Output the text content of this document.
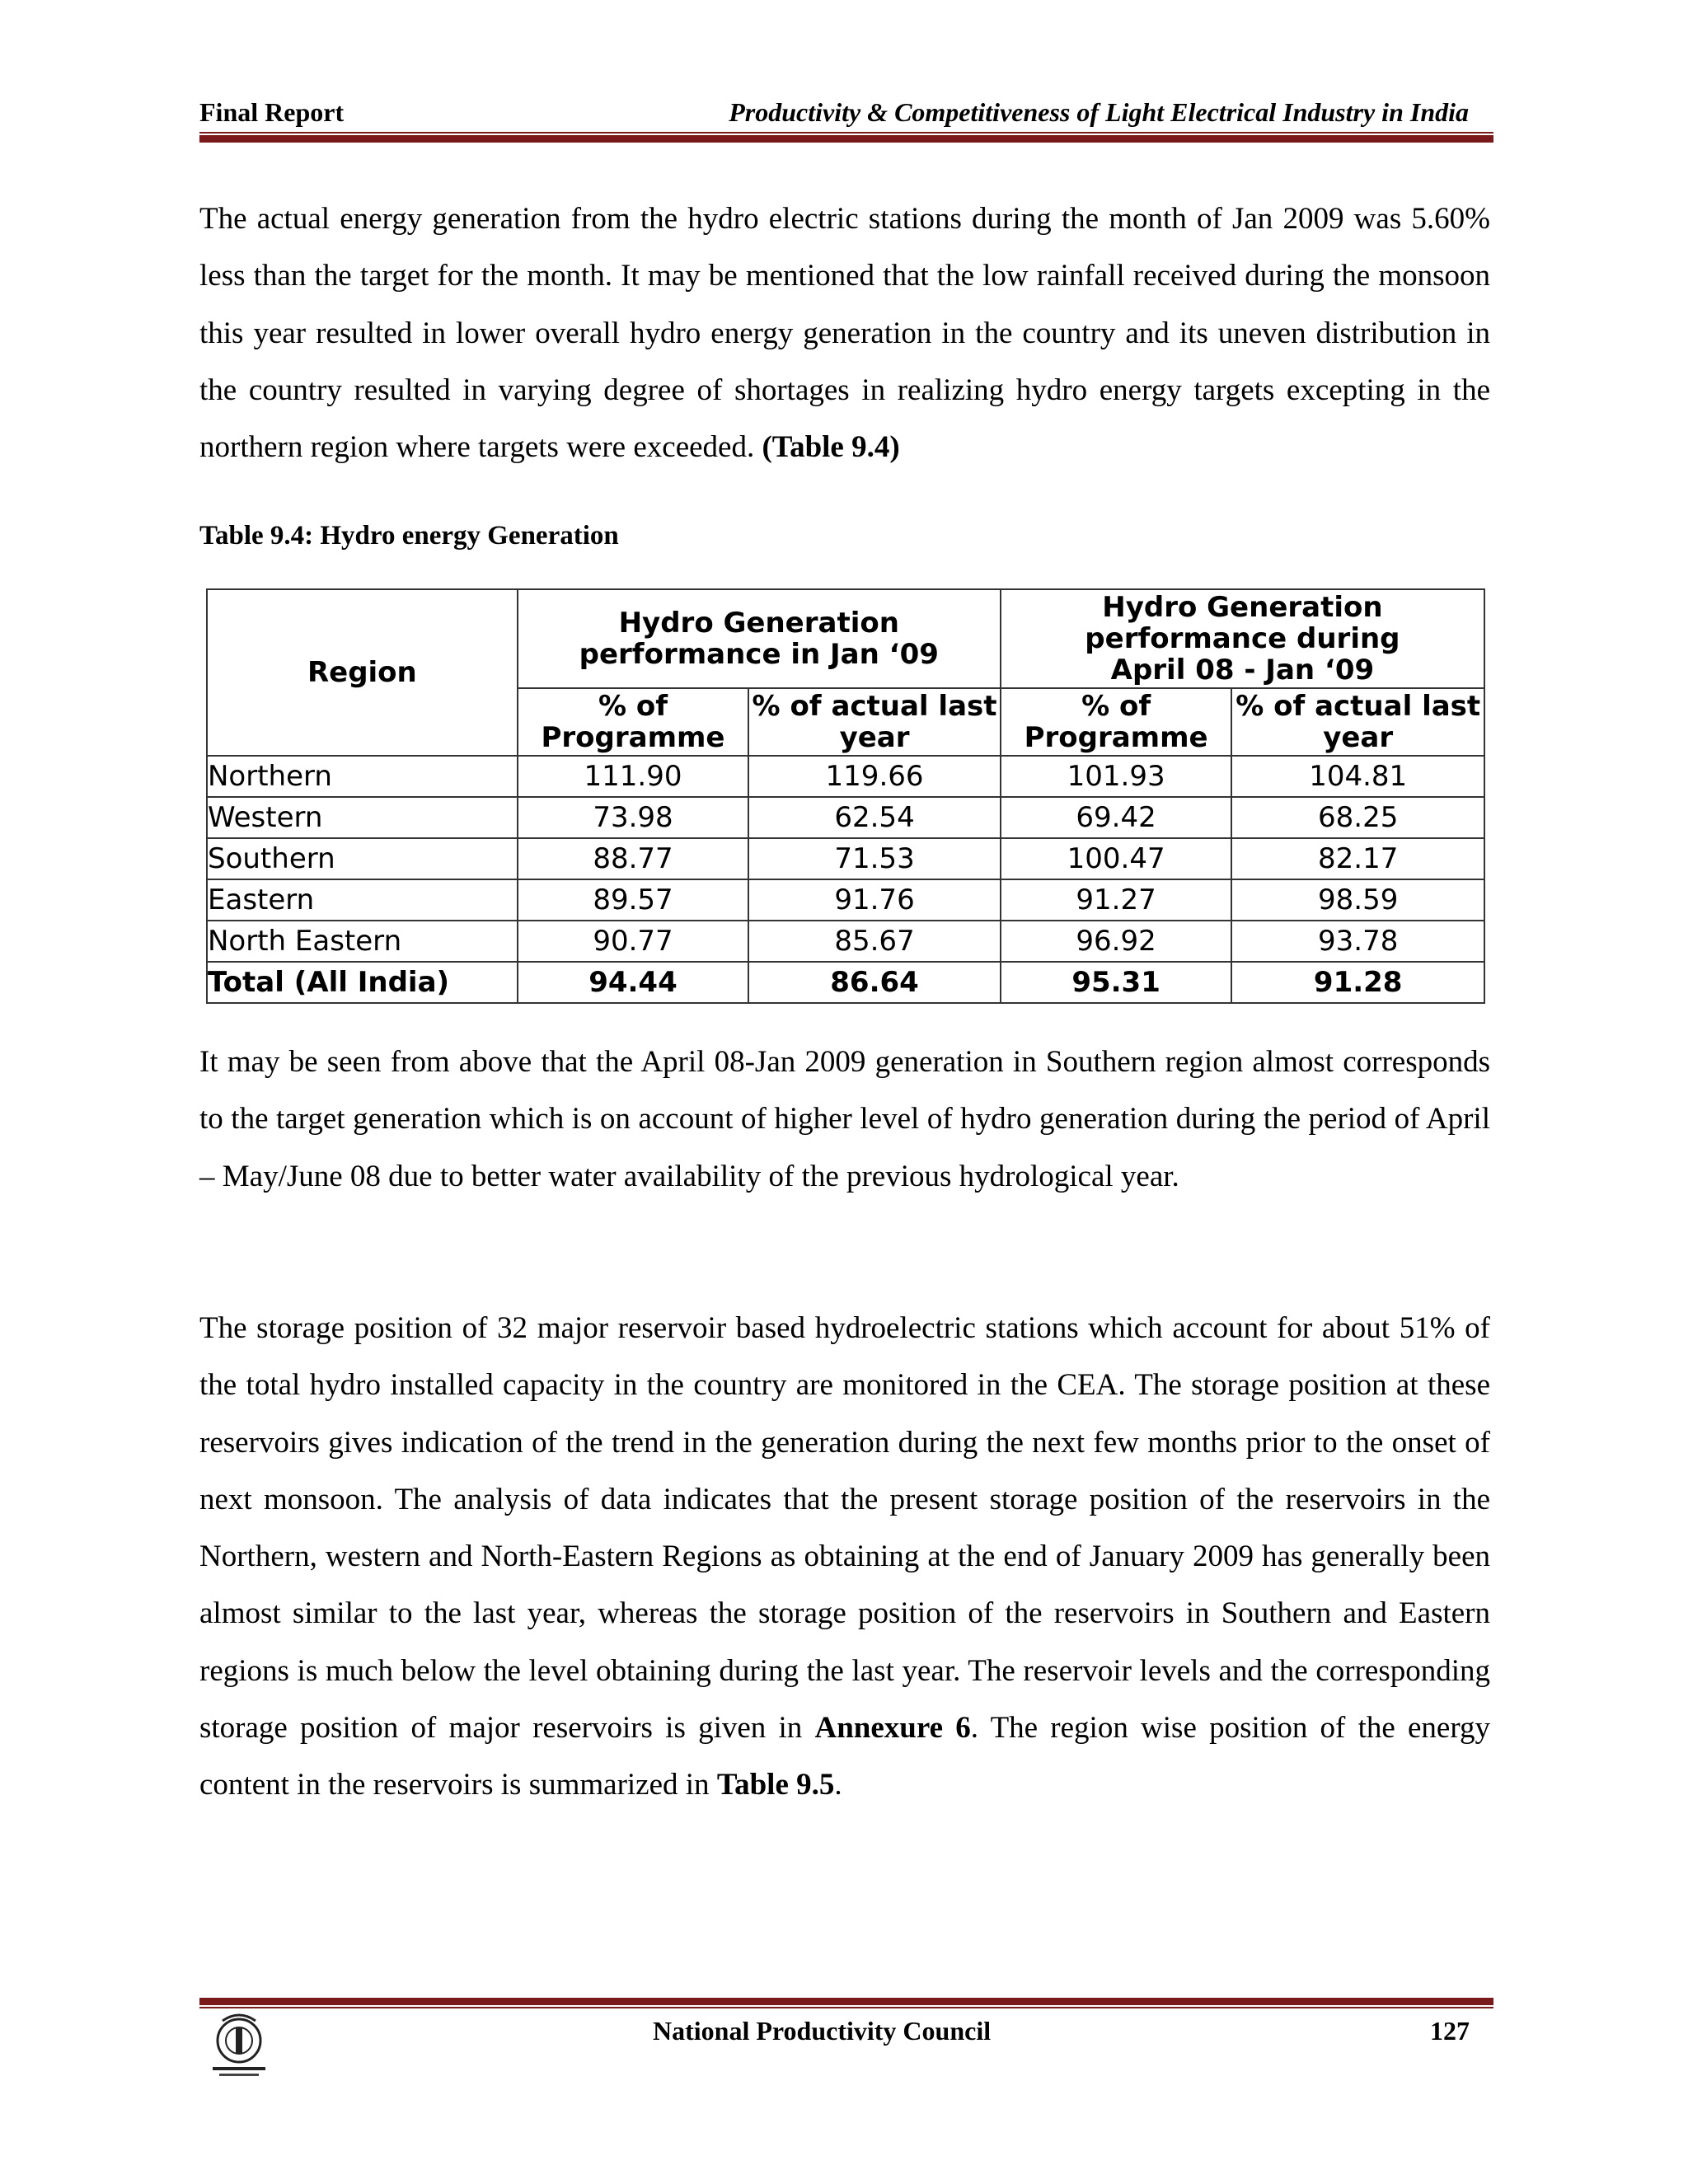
Final Report	Productivity & Competitiveness of Light Electrical Industry in India
The actual energy generation from the hydro electric stations during the month of Jan 2009 was 5.60% less than the target for the month. It may be mentioned that the low rainfall received during the monsoon this year resulted in lower overall hydro energy generation in the country and its uneven distribution in the country resulted in varying degree of shortages in realizing hydro energy targets excepting in the northern region where targets were exceeded. (Table 9.4)
Table 9.4: Hydro energy Generation
Region	Hydro Generation performance in Jan ‘09		Hydro Generation performance during April 08 - Jan ‘09	
	% of Programme	% of actual last year	% of Programme	% of actual last year
Northern	111.90	119.66	101.93	104.81
Western	73.98	62.54	69.42	68.25
Southern	88.77	71.53	100.47	82.17
Eastern	89.57	91.76	91.27	98.59
North Eastern	90.77	85.67	96.92	93.78
Total (All India)	94.44	86.64	95.31	91.28
It may be seen from above that the April 08-Jan 2009 generation in Southern region almost corresponds to the target generation which is on account of higher level of hydro generation during the period of April – May/June 08 due to better water availability of the previous hydrological year.
The storage position of 32 major reservoir based hydroelectric stations which account for about 51% of the total hydro installed capacity in the country are monitored in the CEA. The storage position at these reservoirs gives indication of the trend in the generation during the next few months prior to the onset of next monsoon. The analysis of data indicates that the present storage position of the reservoirs in the Northern, western and North-Eastern Regions as obtaining at the end of January 2009 has generally been almost similar to the last year, whereas the storage position of the reservoirs in Southern and Eastern regions is much below the level obtaining during the last year. The reservoir levels and the corresponding storage position of major reservoirs is given in Annexure 6. The region wise position of the energy content in the reservoirs is summarized in Table 9.5.
National Productivity Council	127
